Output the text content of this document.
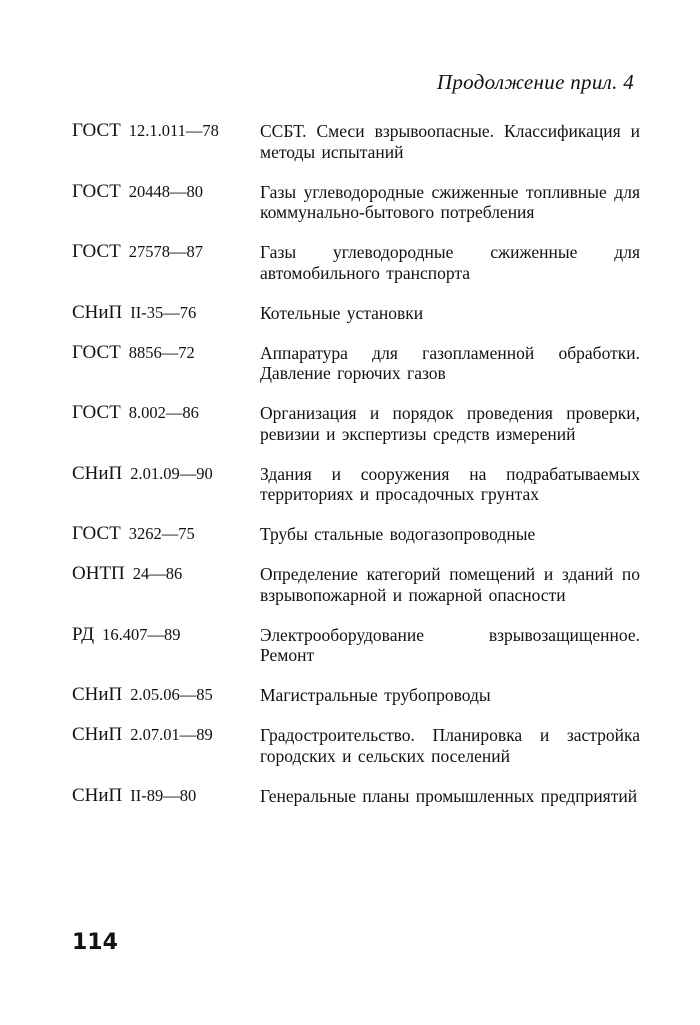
Продолжение прил. 4
ГОСТ 12.1.011—78	ССБТ. Смеси взрывоопасные. Классификация и методы испытаний
ГОСТ 20448—80	Газы углеводородные сжиженные топливные для коммунально-бытового потребления
ГОСТ 27578—87	Газы углеводородные сжиженные для автомобильного транспорта
СНиП II-35—76	Котельные установки
ГОСТ 8856—72	Аппаратура для газопламенной обработки. Давление горючих газов
ГОСТ 8.002—86	Организация и порядок проведения проверки, ревизии и экспертизы средств измерений
СНиП 2.01.09—90	Здания и сооружения на подрабатываемых территориях и просадочных грунтах
ГОСТ 3262—75	Трубы стальные водогазопроводные
ОНТП 24—86	Определение категорий помещений и зданий по взрывопожарной и пожарной опасности
РД 16.407—89	Электрооборудование взрывозащищенное. Ремонт
СНиП 2.05.06—85	Магистральные трубопроводы
СНиП 2.07.01—89	Градостроительство. Планировка и застройка городских и сельских поселений
СНиП II-89—80	Генеральные планы промышленных предприятий
114
